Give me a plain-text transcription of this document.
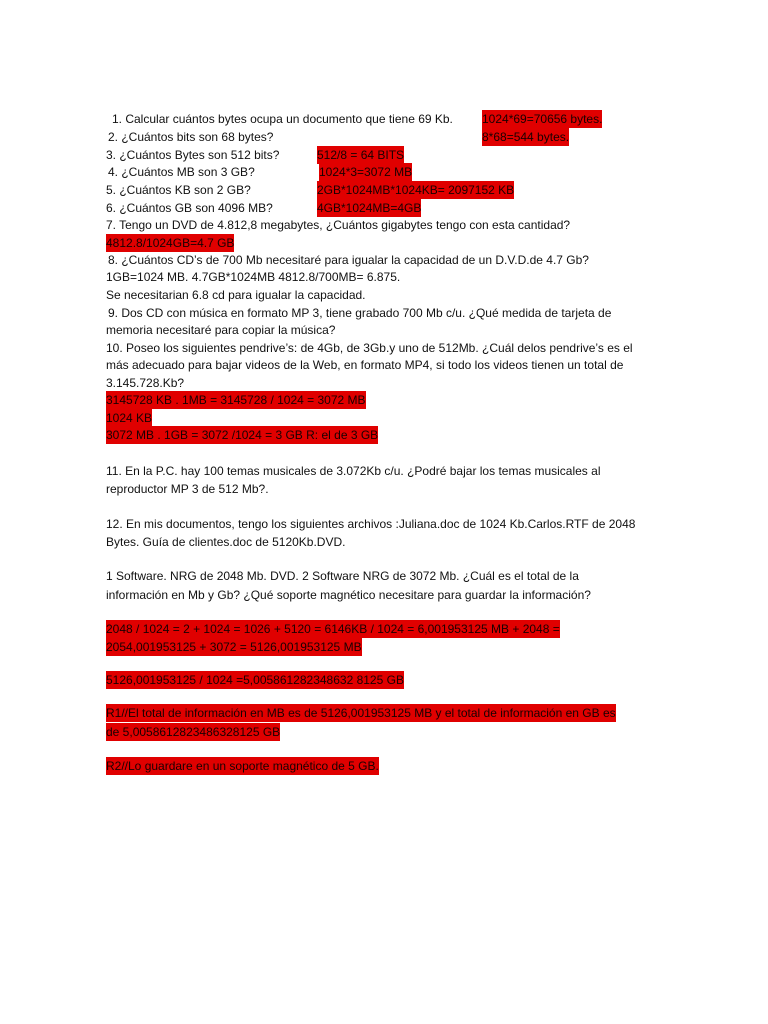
1. Calcular cuántos bytes ocupa un documento que tiene 69 Kb. 1024*69=70656 bytes.
2. ¿Cuántos bits son 68 bytes?	8*68=544 bytes.
3. ¿Cuántos Bytes son 512 bits?	512/8 = 64 BITS
4. ¿Cuántos MB son 3 GB?	1024*3=3072 MB
5. ¿Cuántos KB son 2 GB?	2GB*1024MB*1024KB= 2097152 KB
6. ¿Cuántos GB son 4096 MB?	4GB*1024MB=4GB
7. Tengo un DVD de 4.812,8 megabytes, ¿Cuántos gigabytes tengo con esta cantidad?
4812.8/1024GB=4.7 GB
8. ¿Cuántos CD’s de 700 Mb necesitaré para igualar la capacidad de un D.V.D.de 4.7 Gb?
1GB=1024 MB. 4.7GB*1024MB 4812.8/700MB= 6.875.
Se necesitarian 6.8 cd para igualar la capacidad.
9. Dos CD con música en formato MP 3, tiene grabado 700 Mb c/u. ¿Qué medida de tarjeta de
memoria necesitaré para copiar la música?
10. Poseo los siguientes pendrive’s: de 4Gb, de 3Gb.y uno de 512Mb. ¿Cuál delos pendrive’s es el
más adecuado para bajar videos de la Web, en formato MP4, si todo los videos tienen un total de
3.145.728.Kb?
3145728 KB . 1MB = 3145728 / 1024 = 3072 MB
1024 KB
3072 MB . 1GB = 3072 /1024 = 3 GB R: el de 3 GB
11. En la P.C. hay 100 temas musicales de 3.072Kb c/u. ¿Podré bajar los temas musicales al
reproductor MP 3 de 512 Mb?.
12. En mis documentos, tengo los siguientes archivos :Juliana.doc de 1024 Kb.Carlos.RTF de 2048
Bytes. Guía de clientes.doc de 5120Kb.DVD.
1 Software. NRG de 2048 Mb. DVD. 2 Software NRG de 3072 Mb. ¿Cuál es el total de la
información en Mb y Gb? ¿Qué soporte magnético necesitare para guardar la información?
2048 / 1024 = 2 + 1024 = 1026 + 5120 = 6146KB / 1024 = 6,001953125 MB + 2048 =
2054,001953125 + 3072 = 5126,001953125 MB
5126,001953125 / 1024 =5,005861282348632 8125 GB
R1//El total de información en MB es de 5126,001953125 MB y el total de información en GB es
de 5,0058612823486328125 GB
R2//Lo guardare en un soporte magnético de 5 GB.
